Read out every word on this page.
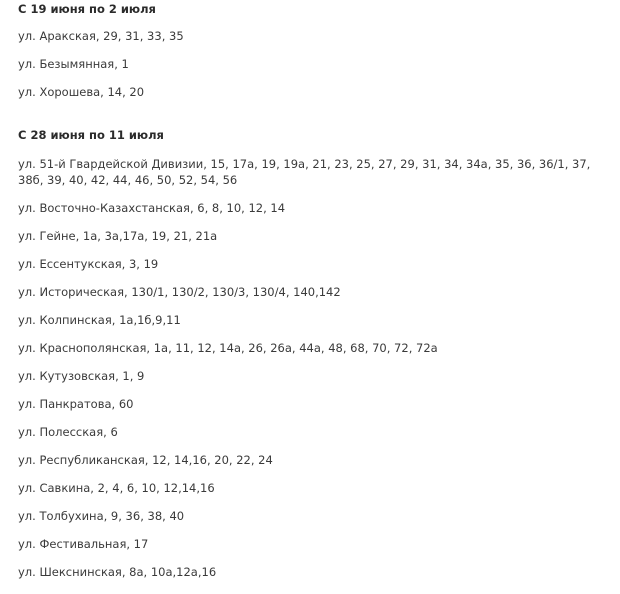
С 19 июня по 2 июля

ул. Аракская, 29, 31, 33, 35

ул. Безымянная, 1

ул. Хорошева, 14, 20

С 28 июня по 11 июля

ул. 51-й Гвардейской Дивизии, 15, 17а, 19, 19а, 21, 23, 25, 27, 29, 31, 34, 34а, 35, 36, 36/1, 37, 38б, 39, 40, 42, 44, 46, 50, 52, 54, 56

ул. Восточно-Казахстанская, 6, 8, 10, 12, 14

ул. Гейне, 1а, 3а,17а, 19, 21, 21а

ул. Ессентукская, 3, 19

ул. Историческая, 130/1, 130/2, 130/3, 130/4, 140,142

ул. Колпинская, 1а,1б,9,11

ул. Краснополянская, 1а, 11, 12, 14а, 26, 26а, 44а, 48, 68, 70, 72, 72а

ул. Кутузовская, 1, 9

ул. Панкратова, 60

ул. Полесская, 6

ул. Республиканская, 12, 14,16, 20, 22, 24

ул. Савкина, 2, 4, 6, 10, 12,14,16

ул. Толбухина, 9, 36, 38, 40

ул. Фестивальная, 17

ул. Шекснинская, 8а, 10а,12а,16
